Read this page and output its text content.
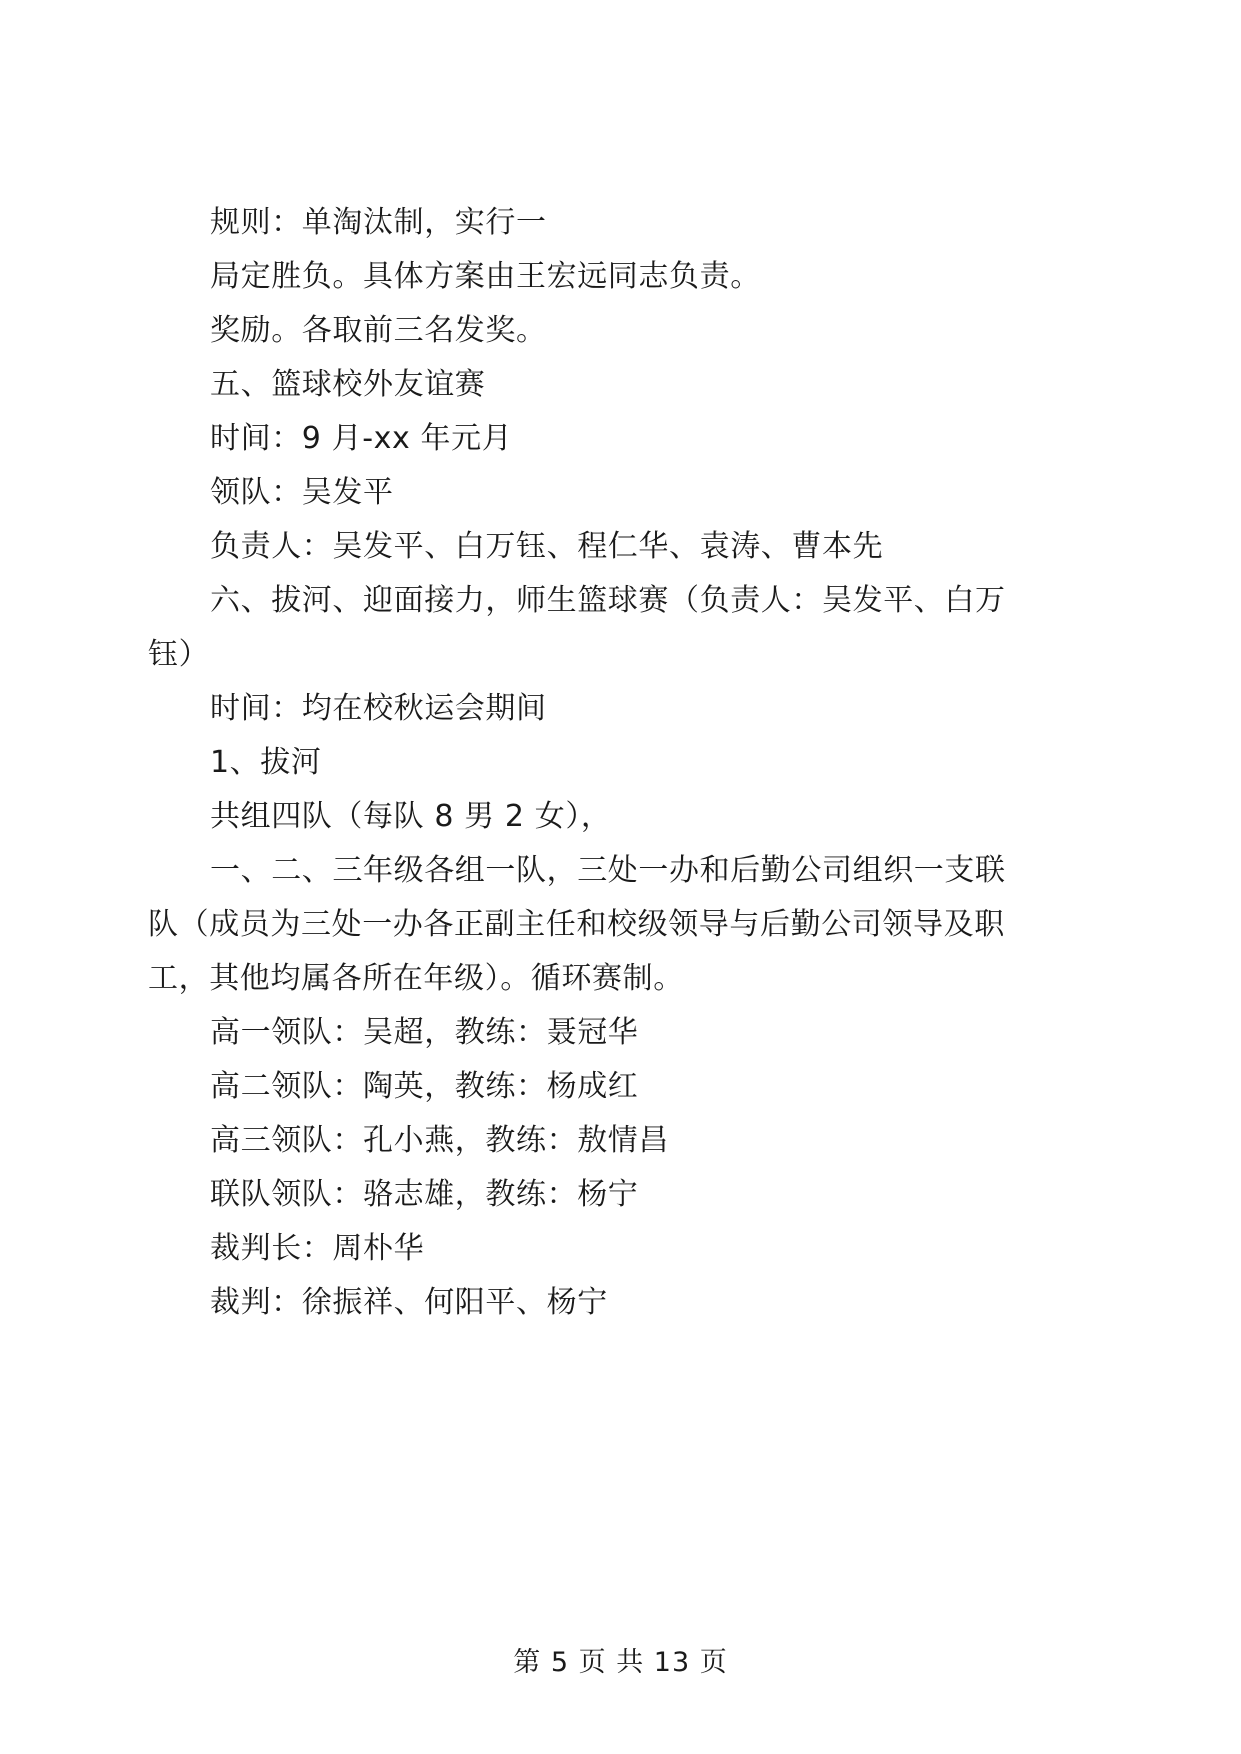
规则：单淘汰制，实行一

局定胜负。具体方案由王宏远同志负责。

奖励。各取前三名发奖。

五、篮球校外友谊赛

时间：9 月-xx 年元月

领队：吴发平

负责人：吴发平、白万钰、程仁华、袁涛、曹本先

六、拔河、迎面接力，师生篮球赛（负责人：吴发平、白万

钰）

时间：均在校秋运会期间

1、拔河

共组四队（每队 8 男 2 女），

一、二、三年级各组一队，三处一办和后勤公司组织一支联

队（成员为三处一办各正副主任和校级领导与后勤公司领导及职

工，其他均属各所在年级）。循环赛制。

高一领队：吴超，教练：聂冠华

高二领队：陶英，教练：杨成红

高三领队：孔小燕，教练：敖情昌

联队领队：骆志雄，教练：杨宁

裁判长：周朴华

裁判：徐振祥、何阳平、杨宁

第 5 页 共 13 页
